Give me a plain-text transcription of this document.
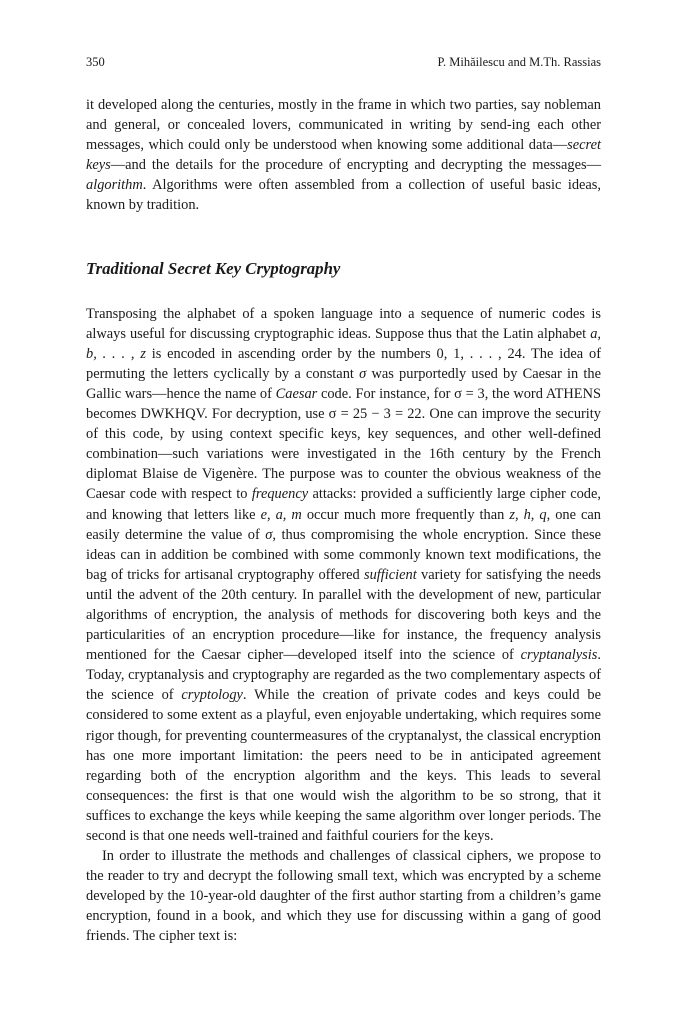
350	P. Mihăilescu and M.Th. Rassias

it developed along the centuries, mostly in the frame in which two parties, say nobleman and general, or concealed lovers, communicated in writing by send-ing each other messages, which could only be understood when knowing some additional data—secret keys—and the details for the procedure of encrypting and decrypting the messages—algorithm. Algorithms were often assembled from a collection of useful basic ideas, known by tradition.

Traditional Secret Key Cryptography

Transposing the alphabet of a spoken language into a sequence of numeric codes is always useful for discussing cryptographic ideas. Suppose thus that the Latin alphabet a, b, . . . , z is encoded in ascending order by the numbers 0, 1, . . . , 24. The idea of permuting the letters cyclically by a constant σ was purportedly used by Caesar in the Gallic wars—hence the name of Caesar code. For instance, for σ = 3, the word ATHENS becomes DWKHQV. For decryption, use σ = 25 − 3 = 22. One can improve the security of this code, by using context specific keys, key sequences, and other well-defined combination—such variations were investigated in the 16th century by the French diplomat Blaise de Vigenère. The purpose was to counter the obvious weakness of the Caesar code with respect to frequency attacks: provided a sufficiently large cipher code, and knowing that letters like e, a, m occur much more frequently than z, h, q, one can easily determine the value of σ, thus compromising the whole encryption. Since these ideas can in addition be combined with some commonly known text modifications, the bag of tricks for artisanal cryptography offered sufficient variety for satisfying the needs until the advent of the 20th century. In parallel with the development of new, particular algorithms of encryption, the analysis of methods for discovering both keys and the particularities of an encryption procedure—like for instance, the frequency analysis mentioned for the Caesar cipher—developed itself into the science of cryptanalysis. Today, cryptanalysis and cryptography are regarded as the two complementary aspects of the science of cryptology. While the creation of private codes and keys could be considered to some extent as a playful, even enjoyable undertaking, which requires some rigor though, for preventing countermeasures of the cryptanalyst, the classical encryption has one more important limitation: the peers need to be in anticipated agreement regarding both of the encryption algorithm and the keys. This leads to several consequences: the first is that one would wish the algorithm to be so strong, that it suffices to exchange the keys while keeping the same algorithm over longer periods. The second is that one needs well-trained and faithful couriers for the keys.

In order to illustrate the methods and challenges of classical ciphers, we propose to the reader to try and decrypt the following small text, which was encrypted by a scheme developed by the 10-year-old daughter of the first author starting from a children’s game encryption, found in a book, and which they use for discussing within a gang of good friends. The cipher text is:
